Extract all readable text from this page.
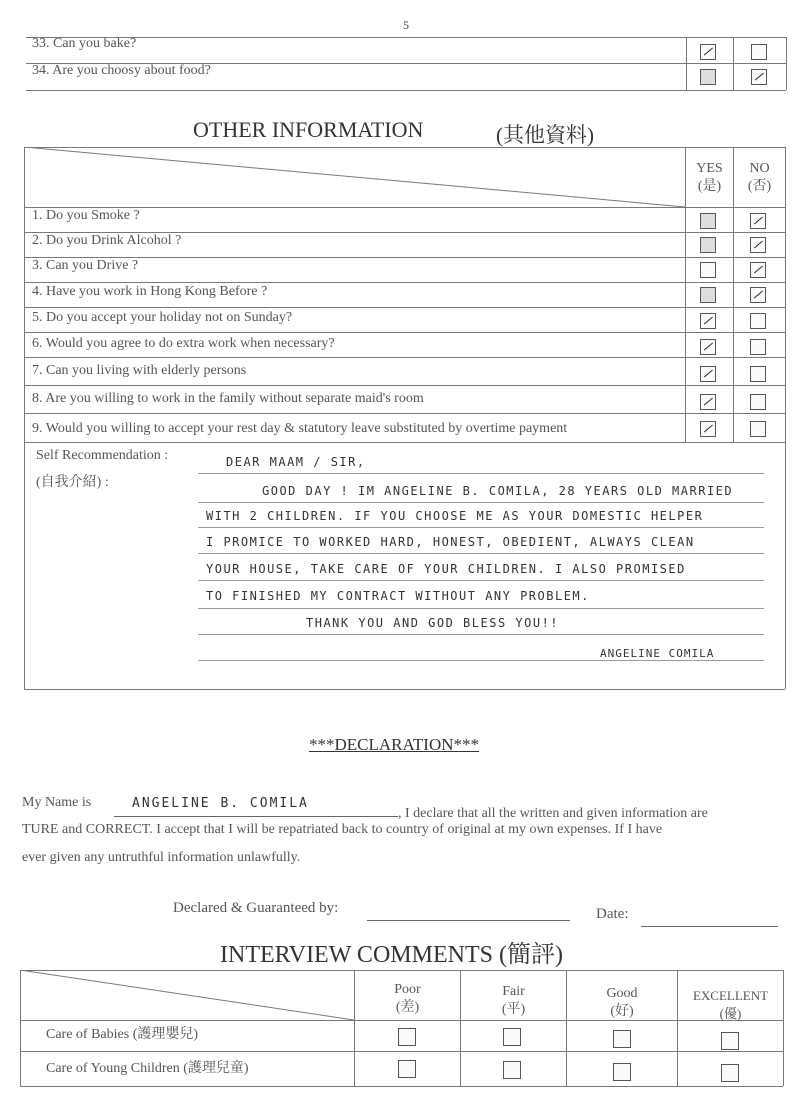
5
33. Can you bake?
34. Are you choosy about food?
OTHER INFORMATION	(其他資料)
YES
(是)
NO
(否)
1. Do you Smoke ?
2. Do you Drink Alcohol ?
3. Can you Drive ?
4. Have you work in Hong Kong Before ?
5. Do you accept your holiday not on Sunday?
6. Would you agree to do extra work when necessary?
7. Can you living with elderly persons
8. Are you willing to work in the family without separate maid's room
9. Would you willing to accept your rest day & statutory leave substituted by overtime payment
Self Recommendation :
(自我介紹) :
DEAR MAAM / SIR,
GOOD DAY ! IM ANGELINE B. COMILA, 28 YEARS OLD MARRIED
WITH 2 CHILDREN. IF YOU CHOOSE ME AS YOUR DOMESTIC HELPER
I PROMICE TO WORKED HARD, HONEST, OBEDIENT, ALWAYS CLEAN
YOUR HOUSE, TAKE CARE OF YOUR CHILDREN. I ALSO PROMISED
TO FINISHED MY CONTRACT WITHOUT ANY PROBLEM.
THANK YOU AND GOD BLESS YOU!!
ANGELINE COMILA
***DECLARATION***
My Name is	ANGELINE B. COMILA
, I declare that all the written and given information are
TURE and CORRECT. I accept that I will be repatriated back to country of original at my own expenses. If I have
ever given any untruthful information unlawfully.
Declared & Guaranteed by:	Date:
INTERVIEW COMMENTS (簡評)
Poor
(差)
Fair
(平)
Good
(好)
EXCELLENT
(優)
Care of Babies (護理嬰兒)
Care of Young Children (護理兒童)
